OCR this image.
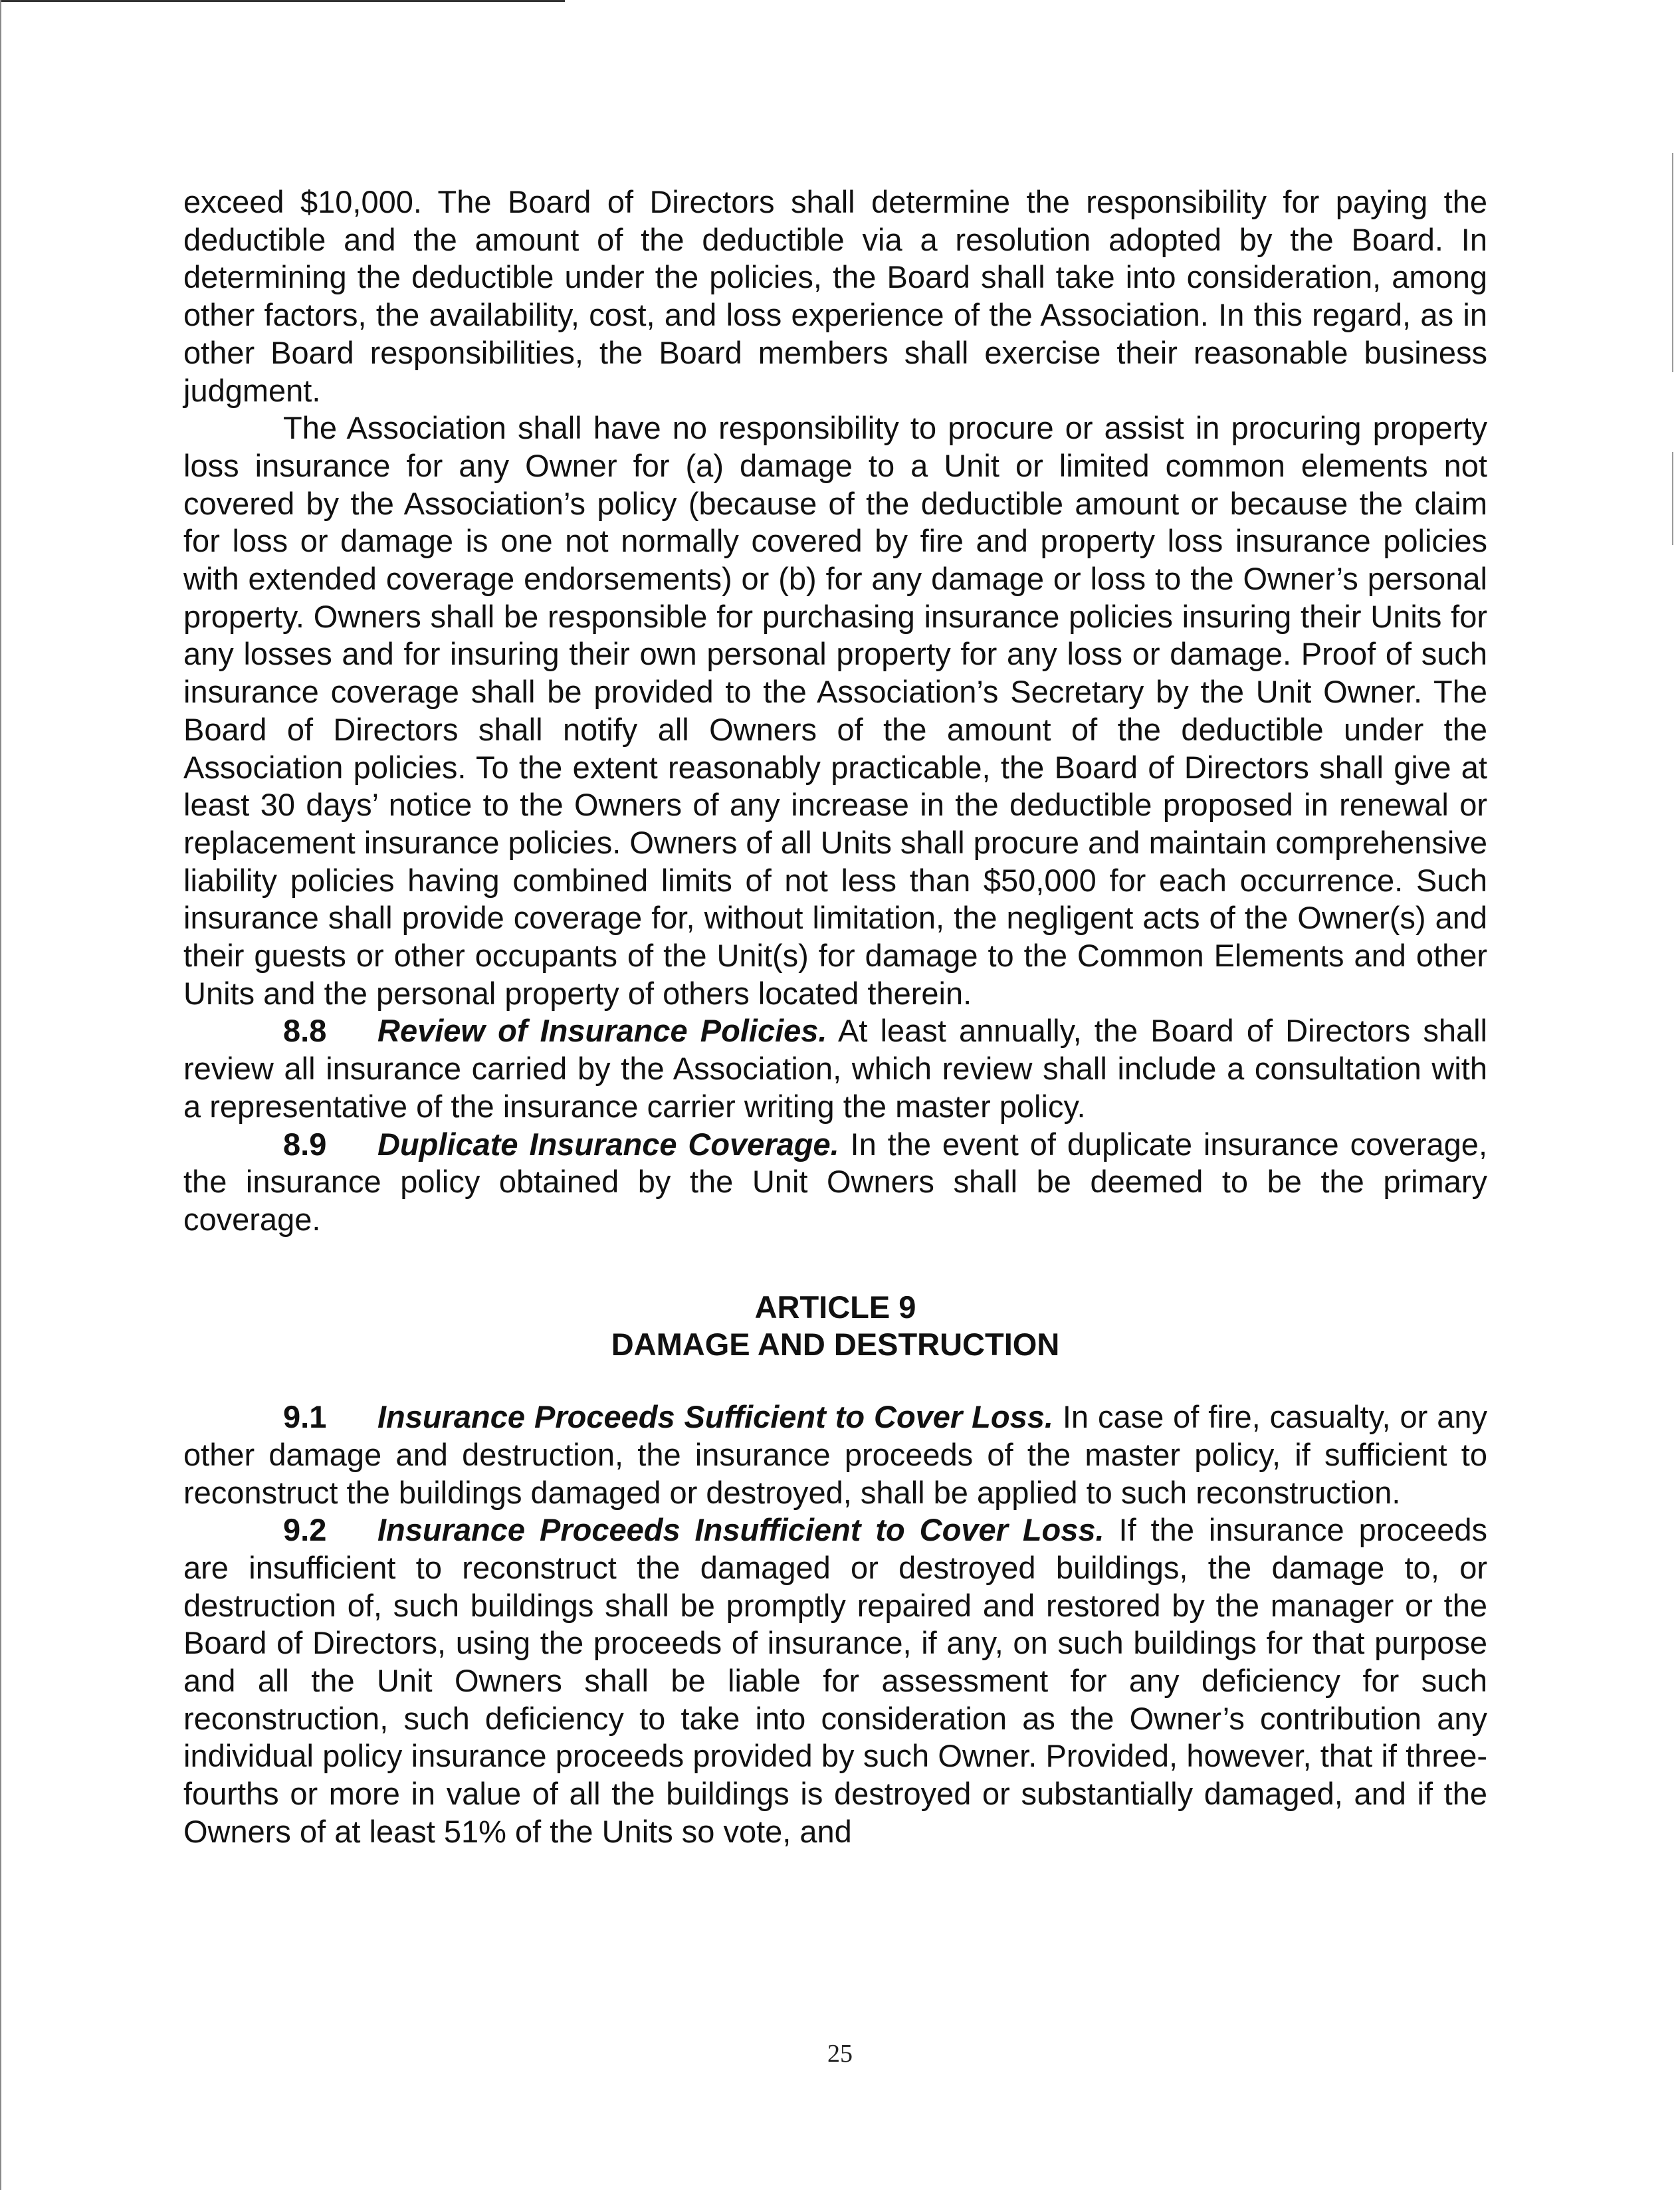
exceed $10,000. The Board of Directors shall determine the responsibility for paying the deductible and the amount of the deductible via a resolution adopted by the Board. In determining the deductible under the policies, the Board shall take into consideration, among other factors, the availability, cost, and loss experience of the Association. In this regard, as in other Board responsibilities, the Board members shall exercise their reasonable business judgment.

The Association shall have no responsibility to procure or assist in procuring property loss insurance for any Owner for (a) damage to a Unit or limited common elements not covered by the Association’s policy (because of the deductible amount or because the claim for loss or damage is one not normally covered by fire and property loss insurance policies with extended coverage endorsements) or (b) for any damage or loss to the Owner’s personal property. Owners shall be responsible for purchasing insurance policies insuring their Units for any losses and for insuring their own personal property for any loss or damage. Proof of such insurance coverage shall be provided to the Association’s Secretary by the Unit Owner. The Board of Directors shall notify all Owners of the amount of the deductible under the Association policies. To the extent reasonably practicable, the Board of Directors shall give at least 30 days’ notice to the Owners of any increase in the deductible proposed in renewal or replacement insurance policies. Owners of all Units shall procure and maintain comprehensive liability policies having combined limits of not less than $50,000 for each occurrence. Such insurance shall provide coverage for, without limitation, the negligent acts of the Owner(s) and their guests or other occupants of the Unit(s) for damage to the Common Elements and other Units and the personal property of others located therein.

8.8 Review of Insurance Policies. At least annually, the Board of Directors shall review all insurance carried by the Association, which review shall include a consultation with a representative of the insurance carrier writing the master policy.

8.9 Duplicate Insurance Coverage. In the event of duplicate insurance coverage, the insurance policy obtained by the Unit Owners shall be deemed to be the primary coverage.

ARTICLE 9
DAMAGE AND DESTRUCTION

9.1 Insurance Proceeds Sufficient to Cover Loss. In case of fire, casualty, or any other damage and destruction, the insurance proceeds of the master policy, if sufficient to reconstruct the buildings damaged or destroyed, shall be applied to such reconstruction.

9.2 Insurance Proceeds Insufficient to Cover Loss. If the insurance proceeds are insufficient to reconstruct the damaged or destroyed buildings, the damage to, or destruction of, such buildings shall be promptly repaired and restored by the manager or the Board of Directors, using the proceeds of insurance, if any, on such buildings for that purpose and all the Unit Owners shall be liable for assessment for any deficiency for such reconstruction, such deficiency to take into consideration as the Owner’s contribution any individual policy insurance proceeds provided by such Owner. Provided, however, that if three-fourths or more in value of all the buildings is destroyed or substantially damaged, and if the Owners of at least 51% of the Units so vote, and

25
